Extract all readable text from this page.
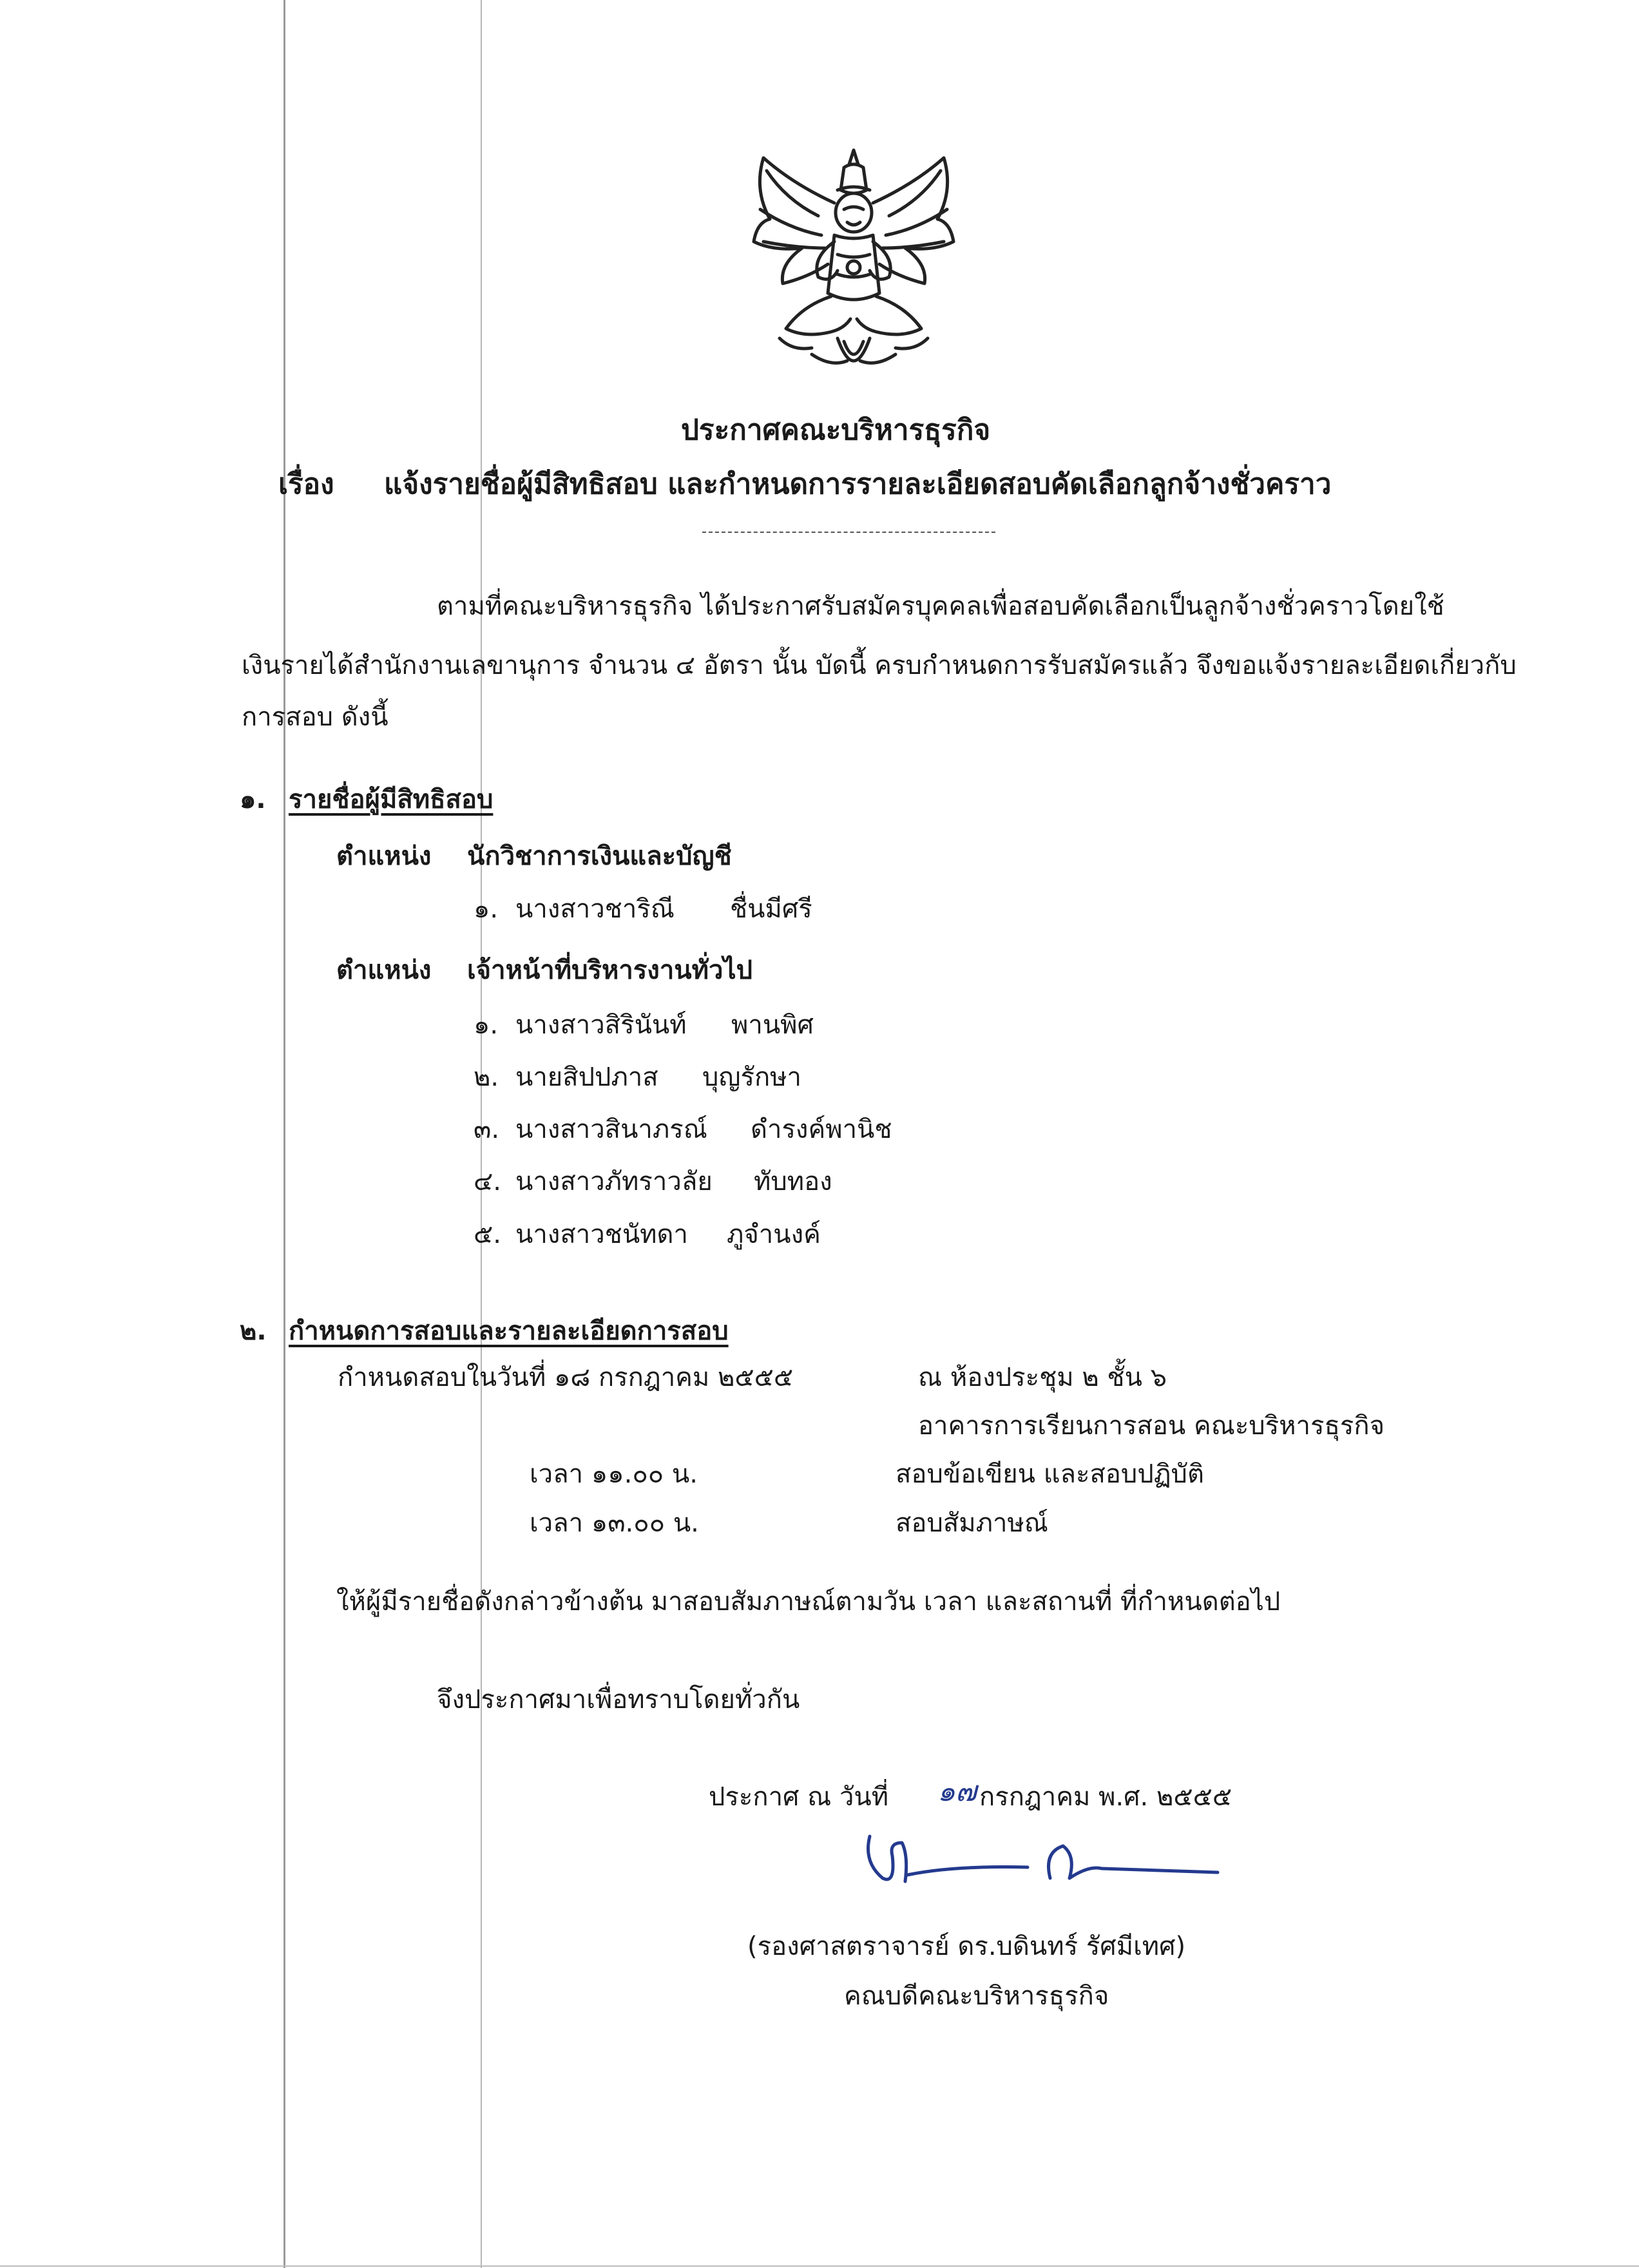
ประกาศคณะบริหารธุรกิจ
เรื่อง แจ้งรายชื่อผู้มีสิทธิสอบ และกำหนดการรายละเอียดสอบคัดเลือกลูกจ้างชั่วคราว
ตามที่คณะบริหารธุรกิจ ได้ประกาศรับสมัครบุคคลเพื่อสอบคัดเลือกเป็นลูกจ้างชั่วคราวโดยใช้
เงินรายได้สำนักงานเลขานุการ จำนวน ๔ อัตรา นั้น บัดนี้ ครบกำหนดการรับสมัครแล้ว จึงขอแจ้งรายละเอียดเกี่ยวกับ
การสอบ ดังนี้
๑. รายชื่อผู้มีสิทธิสอบ
ตำแหน่ง นักวิชาการเงินและบัญชี
๑. นางสาวชาริณี ชื่นมีศรี
ตำแหน่ง เจ้าหน้าที่บริหารงานทั่วไป
๑. นางสาวสิรินันท์ พานพิศ
๒. นายสิปปภาส บุญรักษา
๓. นางสาวสินาภรณ์ ดำรงค์พานิช
๔. นางสาวภัทราวลัย ทับทอง
๕. นางสาวชนัทดา ภูจำนงค์
๒. กำหนดการสอบและรายละเอียดการสอบ
กำหนดสอบในวันที่ ๑๘ กรกฎาคม ๒๕๕๕	ณ ห้องประชุม ๒ ชั้น ๖
อาคารการเรียนการสอน คณะบริหารธุรกิจ
เวลา ๑๑.๐๐ น.	สอบข้อเขียน และสอบปฏิบัติ
เวลา ๑๓.๐๐ น.	สอบสัมภาษณ์
ให้ผู้มีรายชื่อดังกล่าวข้างต้น มาสอบสัมภาษณ์ตามวัน เวลา และสถานที่ ที่กำหนดต่อไป
จึงประกาศมาเพื่อทราบโดยทั่วกัน
ประกาศ ณ วันที่ ๑๗ กรกฎาคม พ.ศ. ๒๕๕๕
(รองศาสตราจารย์ ดร.บดินทร์ รัศมีเทศ)
คณบดีคณะบริหารธุรกิจ
